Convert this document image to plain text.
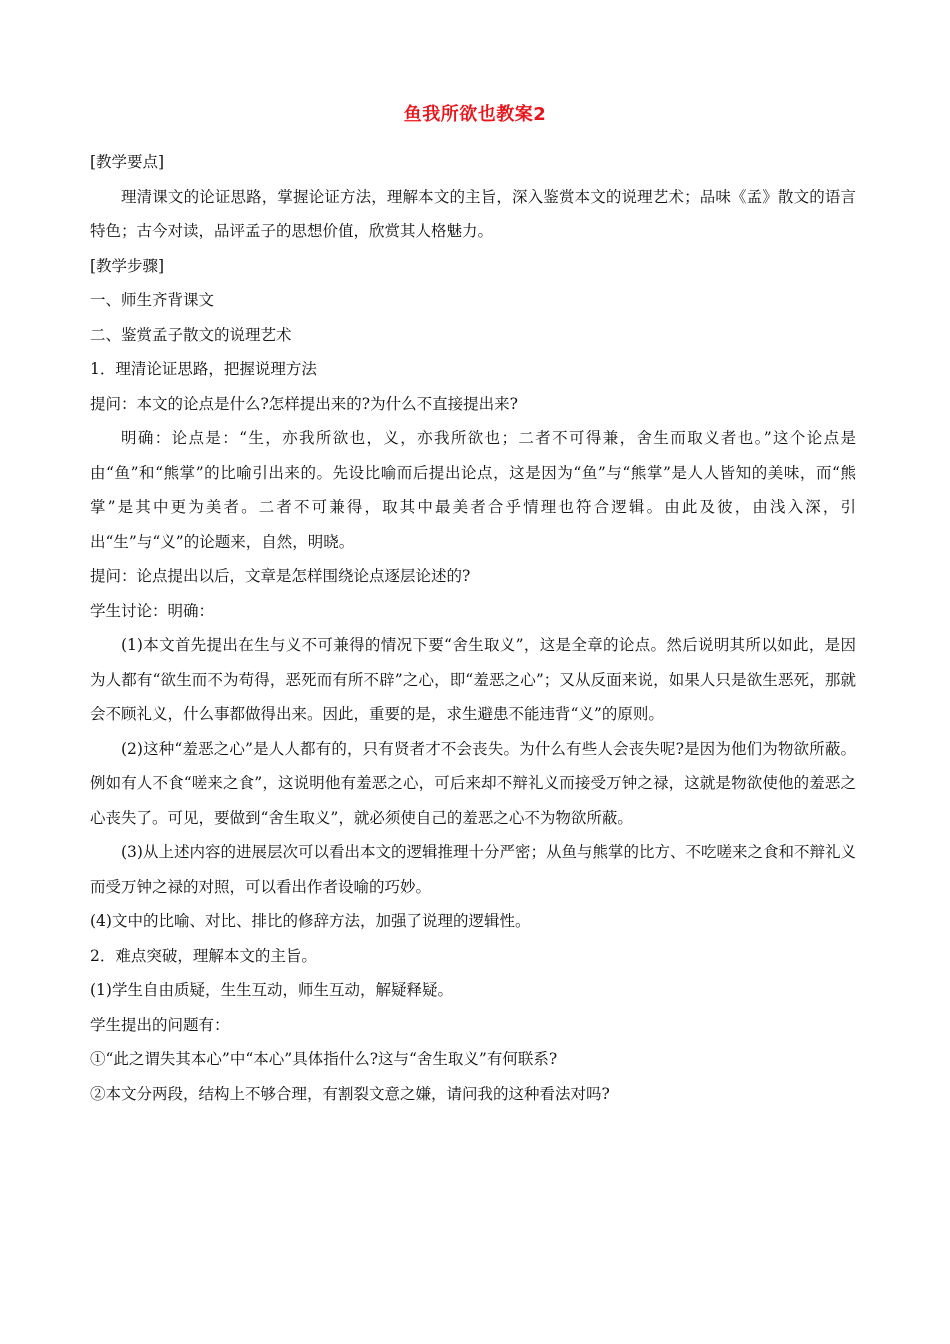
鱼我所欲也教案2

[教学要点]

理清课文的论证思路，掌握论证方法，理解本文的主旨，深入鉴赏本文的说理艺术；品味《孟》散文的语言特色；古今对读，品评孟子的思想价值，欣赏其人格魅力。

[教学步骤]

一、师生齐背课文

二、鉴赏孟子散文的说理艺术

1．理清论证思路，把握说理方法

提问：本文的论点是什么?怎样提出来的?为什么不直接提出来?

明确：论点是：“生，亦我所欲也，义，亦我所欲也；二者不可得兼，舍生而取义者也。”这个论点是由“鱼”和“熊掌”的比喻引出来的。先设比喻而后提出论点，这是因为“鱼”与“熊掌”是人人皆知的美味，而“熊掌”是其中更为美者。二者不可兼得，取其中最美者合乎情理也符合逻辑。由此及彼，由浅入深，引出“生”与“义”的论题来，自然，明晓。

提问：论点提出以后，文章是怎样围绕论点逐层论述的?

学生讨论：明确：

(1)本文首先提出在生与义不可兼得的情况下要“舍生取义”，这是全章的论点。然后说明其所以如此，是因为人都有“欲生而不为苟得，恶死而有所不辟”之心，即“羞恶之心”；又从反面来说，如果人只是欲生恶死，那就会不顾礼义，什么事都做得出来。因此，重要的是，求生避患不能违背“义”的原则。

(2)这种“羞恶之心”是人人都有的，只有贤者才不会丧失。为什么有些人会丧失呢?是因为他们为物欲所蔽。例如有人不食“嗟来之食”，这说明他有羞恶之心，可后来却不辩礼义而接受万钟之禄，这就是物欲使他的羞恶之心丧失了。可见，要做到“舍生取义”，就必须使自己的羞恶之心不为物欲所蔽。

(3)从上述内容的进展层次可以看出本文的逻辑推理十分严密；从鱼与熊掌的比方、不吃嗟来之食和不辩礼义而受万钟之禄的对照，可以看出作者设喻的巧妙。

(4)文中的比喻、对比、排比的修辞方法，加强了说理的逻辑性。

2．难点突破，理解本文的主旨。

(1)学生自由质疑，生生互动，师生互动，解疑释疑。

学生提出的问题有：

①“此之谓失其本心”中“本心”具体指什么?这与“舍生取义”有何联系?

②本文分两段，结构上不够合理，有割裂文意之嫌，请问我的这种看法对吗?
